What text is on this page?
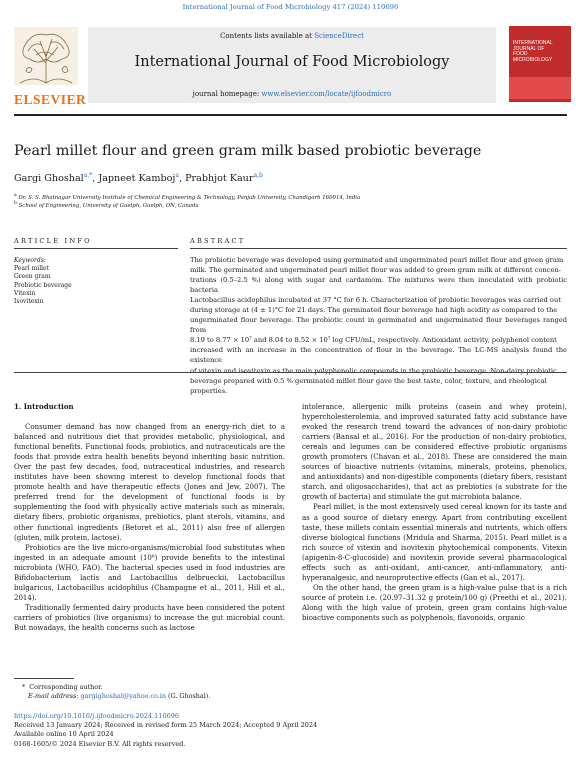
International Journal of Food Microbiology 417 (2024) 110696
ELSEVIER
Contents lists available at ScienceDirect
International Journal of Food Microbiology
journal homepage: www.elsevier.com/locate/ijfoodmicro
INTERNATIONAL
JOURNAL OF
FOOD
MICROBIOLOGY
Pearl millet flour and green gram milk based probiotic beverage
Gargi Ghoshal$^{a,*}$, Japneet Kamboj$^a$, Prabhjot Kaur$^{a,b}$
$^a$ Dr. S. S. Bhatnagar University Institute of Chemical Engineering & Technology, Panjab University, Chandigarh 160014, India
$^b$ School of Engineering, University of Guelph, Guelph, ON, Canada
ARTICLE INFO	ABSTRACT
Keywords:
Pearl millet
Green gram
Probiotic beverage
Vitexin
Isovitexin
The probiotic beverage was developed using germinated and ungerminated pearl millet flour and green gram
milk. The germinated and ungerminated pearl millet flour was added to green gram milk at different concen-
trations (0.5–2.5 %) along with sugar and cardamom. The mixtures were then inoculated with probiotic bacteria
Lactobacillus acidophilus incubated at 37 °C for 6 h. Characterization of probiotic beverages was carried out
during storage at (4 ± 1)°C for 21 days. The germinated flour beverage had high acidity as compared to the
ungerminated flour beverage. The probiotic count in germinated and ungerminated flour beverages ranged from
8.19 to 8.77 × 10⁷ and 8.04 to 8.52 × 10⁷ log CFU/mL, respectively. Antioxidant activity, polyphenol content
increased with an increase in the concentration of flour in the beverage. The LC-MS analysis found the existence
of vitexin and isovitexin as the main polyphenolic compounds in the probiotic beverage. Non-dairy probiotic
beverage prepared with 0.5 % germinated millet flour gave the best taste, color, texture, and rheological
properties.
1. Introduction

Consumer demand has now changed from an energy-rich diet to a balanced and nutritious diet that provides metabolic, physiological, and functional benefits. Functional foods, probiotics, and nutraceuticals are the foods that provide extra health benefits beyond inheriting basic nutrition. Over the past few decades, food, nutraceutical industries, and research institutes have been showing interest to develop functional foods that promote health and have therapeutic effects (Jones and Jew, 2007). The preferred trend for the development of functional foods is by supplementing the food with physically active materials such as minerals, dietary fibers, probiotic organisms, prebiotics, plant sterols, vitamins, and other functional ingredients (Betoret et al., 2011) also free of allergen (gluten, milk protein, lactose).

Probiotics are the live micro-organisms/microbial food substitutes when ingested in an adequate amount (10⁶) provide benefits to the intestinal microbiota (WHO, FAO). The bacterial species used in food industries are Bifidobacterium lactis and Lactobacillus delbrueckii, Lactobacillus bulgaricus, Lactobacillus acidophilus (Champagne et al., 2011, Hill et al., 2014).

Traditionally fermented dairy products have been considered the potent carriers of probiotics (live organisms) to increase the gut microbial count. But nowadays, the health concerns such as lactose

intolerance, allergenic milk proteins (casein and whey protein), hypercholesterolemia, and improved saturated fatty acid substance have evoked the research trend toward the advances of non-dairy probiotic carriers (Bansal et al., 2016). For the production of non-dairy probiotics, cereals and legumes can be considered effective probiotic organisms growth promoters (Chavan et al., 2018). These are considered the main sources of bioactive nutrients (vitamins, minerals, proteins, phenolics, and antioxidants) and non-digestible components (dietary fibers, resistant starch, and oligosaccharides), that act as prebiotics (a substrate for the growth of bacteria) and stimulate the gut microbiota balance.

Pearl millet, is the most extensively used cereal known for its taste and as a good source of dietary energy. Apart from contributing excellent taste, these millets contain essential minerals and nutrients, which offers diverse biological functions (Mridula and Sharma, 2015). Pearl millet is a rich source of vitexin and isovitexin phytochemical components. Vitexin (apigenin-8-C-glucoside) and isovitexin provide several pharmacological effects such as anti-oxidant, anti-cancer, anti-inflammatory, anti-hyperanalgesic, and neuroprotective effects (Gan et al., 2017).

On the other hand, the green gram is a high-value pulse that is a rich source of protein i.e. (20.97–31.32 g protein/100 g) (Preethi et al., 2021). Along with the high value of protein, green gram contains high-value bioactive components such as polyphenols, flavonoids, organic

* Corresponding author.
E-mail address: gargighoshal@yahoo.co.in (G. Ghoshal).
https://doi.org/10.1016/j.ijfoodmicro.2024.110696
Received 13 January 2024; Received in revised form 25 March 2024; Accepted 9 April 2024
Available online 10 April 2024
0168-1605/© 2024 Elsevier B.V. All rights reserved.
